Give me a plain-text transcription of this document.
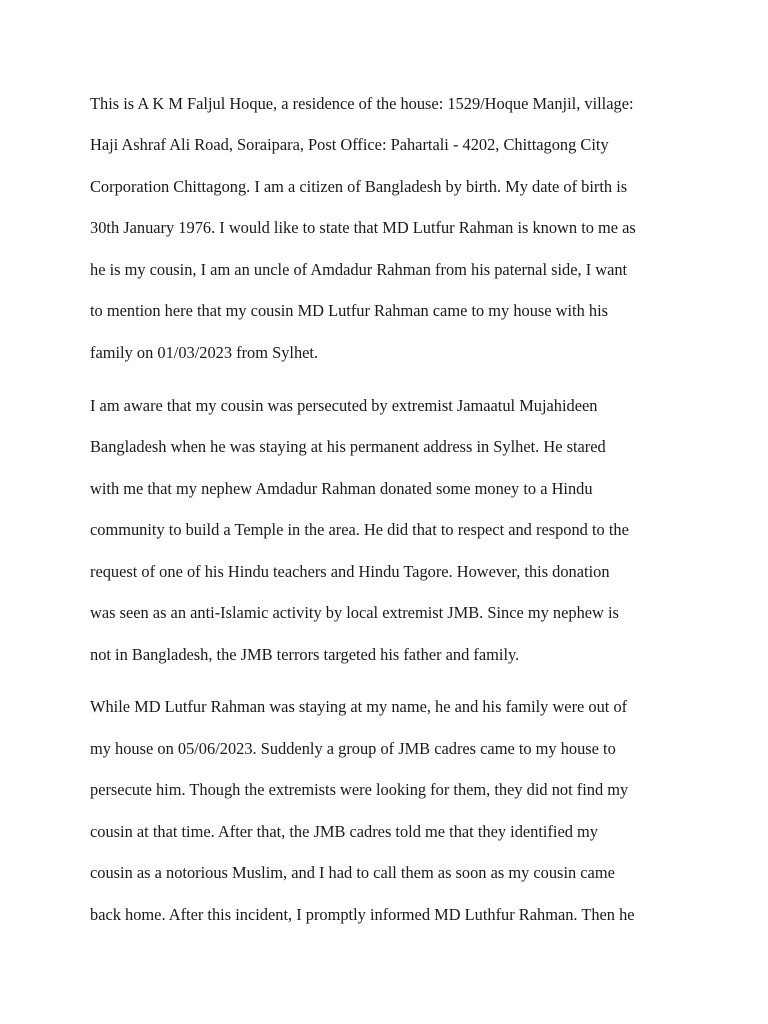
This is A K M Faljul Hoque, a residence of the house: 1529/Hoque Manjil, village:

Haji Ashraf Ali Road, Soraipara, Post Office: Pahartali - 4202, Chittagong City

Corporation Chittagong. I am a citizen of Bangladesh by birth. My date of birth is

30th January 1976. I would like to state that MD Lutfur Rahman is known to me as

he is my cousin, I am an uncle of Amdadur Rahman from his paternal side, I want

to mention here that my cousin MD Lutfur Rahman came to my house with his

family on 01/03/2023 from Sylhet.

I am aware that my cousin was persecuted by extremist Jamaatul Mujahideen

Bangladesh when he was staying at his permanent address in Sylhet. He stared

with me that my nephew Amdadur Rahman donated some money to a Hindu

community to build a Temple in the area. He did that to respect and respond to the

request of one of his Hindu teachers and Hindu Tagore. However, this donation

was seen as an anti-Islamic activity by local extremist JMB. Since my nephew is

not in Bangladesh, the JMB terrors targeted his father and family.

While MD Lutfur Rahman was staying at my name, he and his family were out of

my house on 05/06/2023. Suddenly a group of JMB cadres came to my house to

persecute him. Though the extremists were looking for them, they did not find my

cousin at that time. After that, the JMB cadres told me that they identified my

cousin as a notorious Muslim, and I had to call them as soon as my cousin came

back home. After this incident, I promptly informed MD Luthfur Rahman. Then he
